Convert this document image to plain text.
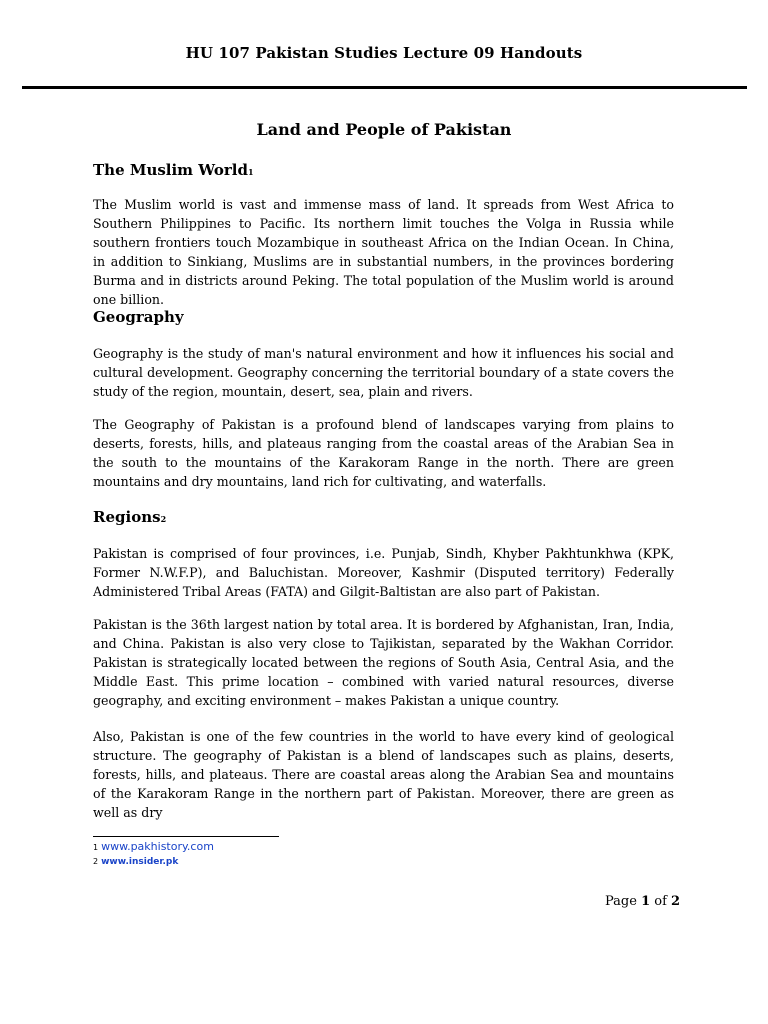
HU 107 Pakistan Studies Lecture 09 Handouts
Land and People of Pakistan
The Muslim World1

The Muslim world is vast and immense mass of land. It spreads from West Africa to Southern Philippines to Pacific. Its northern limit touches the Volga in Russia while southern frontiers touch Mozambique in southeast Africa on the Indian Ocean. In China, in addition to Sinkiang, Muslims are in substantial numbers, in the provinces bordering Burma and in districts around Peking. The total population of the Muslim world is around one billion.

Geography

Geography is the study of man's natural environment and how it influences his social and cultural development. Geography concerning the territorial boundary of a state covers the study of the region, mountain, desert, sea, plain and rivers.

The Geography of Pakistan is a profound blend of landscapes varying from plains to deserts, forests, hills, and plateaus ranging from the coastal areas of the Arabian Sea in the south to the mountains of the Karakoram Range in the north. There are green mountains and dry mountains, land rich for cultivating, and waterfalls.

Regions2

Pakistan is comprised of four provinces, i.e. Punjab, Sindh, Khyber Pakhtunkhwa (KPK, Former N.W.F.P), and Baluchistan. Moreover, Kashmir (Disputed territory) Federally Administered Tribal Areas (FATA) and Gilgit-Baltistan are also part of Pakistan.

Pakistan is the 36th largest nation by total area. It is bordered by Afghanistan, Iran, India, and China. Pakistan is also very close to Tajikistan, separated by the Wakhan Corridor. Pakistan is strategically located between the regions of South Asia, Central Asia, and the Middle East. This prime location – combined with varied natural resources, diverse geography, and exciting environment – makes Pakistan a unique country.

Also, Pakistan is one of the few countries in the world to have every kind of geological structure. The geography of Pakistan is a blend of landscapes such as plains, deserts, forests, hills, and plateaus. There are coastal areas along the Arabian Sea and mountains of the Karakoram Range in the northern part of Pakistan. Moreover, there are green as well as dry

1 www.pakhistory.com
2 www.insider.pk
Page 1 of 2
